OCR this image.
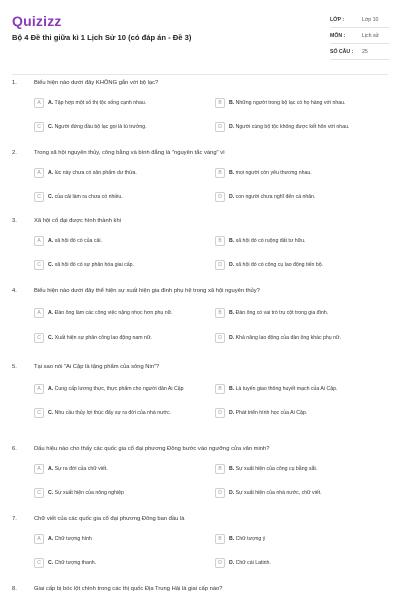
Quizizz
Bộ 4 Đề thi giữa kì 1 Lịch Sử 10 (có đáp án - Đề 3)
LỚP :	Lớp 10
MÔN :	Lịch sử
SỐ CÂU :	25
1.	Biểu hiện nào dưới đây KHÔNG gắn với bộ lạc?
A	A. Tập hợp một số thị tộc sống cạnh nhau.	B	B. Những người trong bộ lạc có họ hàng với nhau.
C	C. Người đứng đầu bộ lạc gọi là tù trưởng.	D	D. Người cùng bộ tộc không được kết hôn với nhau.
2.	Trong xã hội nguyên thủy, công bằng và bình đẳng là "nguyên tắc vàng" vì
A	A. lúc này chưa có sản phẩm dư thừa.	B	B. mọi người còn yêu thương nhau.
C	C. của cải làm ra chưa có nhiều.	D	D. con người chưa nghĩ đến cá nhân.
3.	Xã hội cổ đại được hình thành khi
A	A. xã hội đó có của cải.	B	B. xã hội đó có ruộng đất tư hữu.
C	C. xã hội đó có sự phân hóa giai cấp.	D	D. xã hội đó có công cụ lao động tiến bộ.
4.	Biểu hiện nào dưới đây thể hiện sự xuất hiện gia đình phụ hệ trong xã hội nguyên thủy?
A	A. Đàn ông làm các công việc nặng nhọc hơn phụ nữ.	B	B. Đàn ông có vai trò trụ cột trong gia đình.
C	C. Xuất hiện sự phân công lao động nam nữ.	D	D. Khả năng lao động của đàn ông khác phụ nữ.
5.	Tại sao nói "Ai Cập là tặng phẩm của sông Nin"?
A	A. Cung cấp lương thực, thực phẩm cho người dân Ai Cập	B	B. Là tuyến giao thông huyết mạch của Ai Cập.
C	C. Nhu cầu thủy lợi thúc đẩy sự ra đời của nhà nước.	D	D. Phát triển hình học của Ai Cập.
6.	Dấu hiệu nào cho thấy các quốc gia cổ đại phương Đông bước vào ngưỡng cửa văn minh?
A	A. Sự ra đời của chữ viết.	B	B. Sự xuất hiện của công cụ bằng sắt.
C	C. Sự xuất hiện của nông nghiệp	D	D. Sự xuất hiện của nhà nước, chữ viết.
7.	Chữ viết của các quốc gia cổ đại phương Đông ban đầu là
A	A. Chữ tượng hình	B	B. Chữ tượng ý
C	C. Chữ tượng thanh.	D	D. Chữ cái Latinh.
8.	Giai cấp bị bóc lột chính trong các thị quốc Địa Trung Hải là giai cấp nào?
